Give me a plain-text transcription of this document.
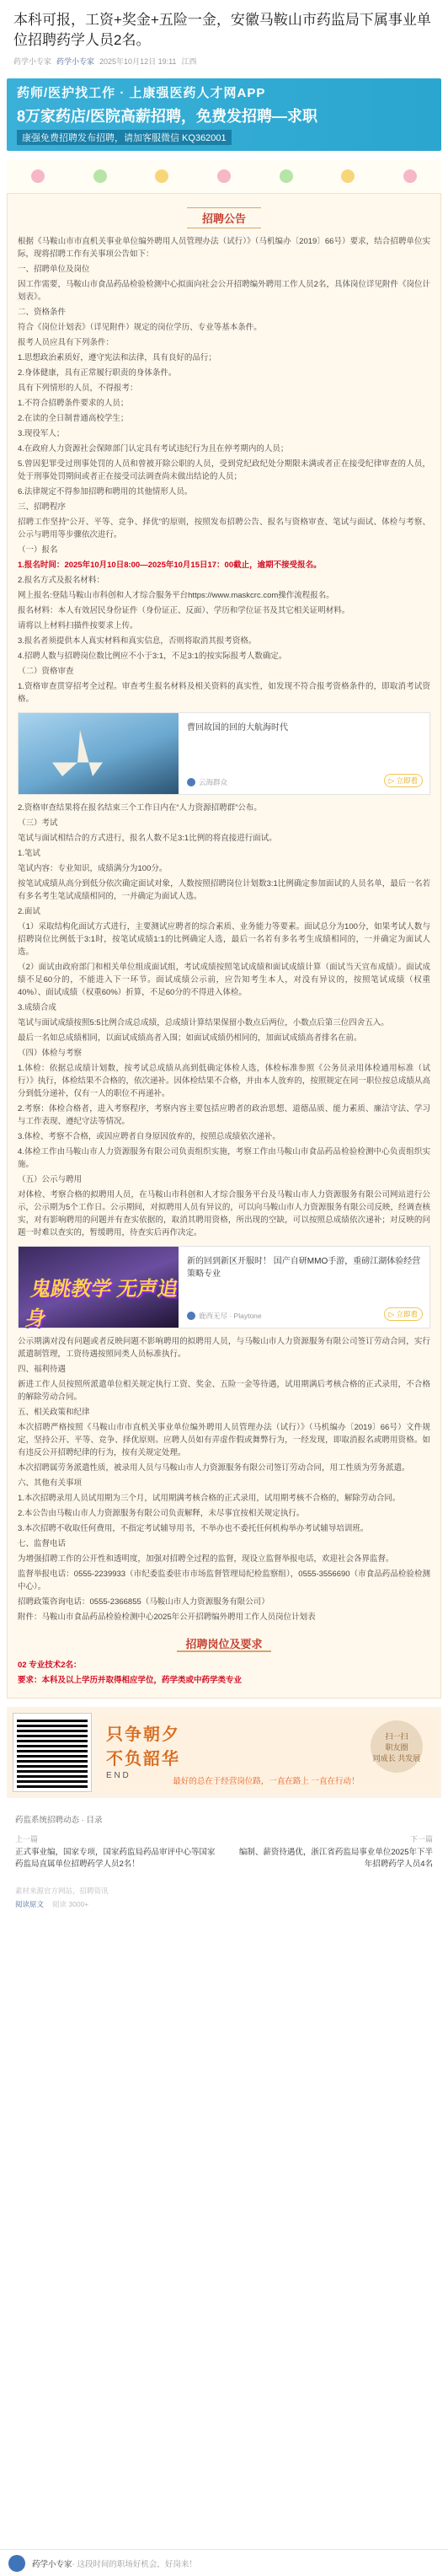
本科可报，工资+奖金+五险一金，安徽马鞍山市药监局下属事业单位招聘药学人员2名。
药学小专家 药学小专家 2025年10月12日 19:11 江西
药师/医护找工作 · 上康强医药人才网APP
8万家药店/医院高薪招聘，免费发招聘—求职
康强免费招聘发布招聘，请加客服微信 KQ362001
招聘公告

根据《马鞍山市市直机关事业单位编外聘用人员管理办法（试行）》（马机编办〔2019〕66号）要求，结合招聘单位实际，现将招聘工作有关事项公告如下：

一、招聘单位及岗位

因工作需要，马鞍山市食品药品检验检测中心拟面向社会公开招聘编外聘用工作人员2名，具体岗位详见附件《岗位计划表》。

二、资格条件

符合《岗位计划表》（详见附件）规定的岗位学历、专业等基本条件。

报考人员应具有下列条件：

1.思想政治素质好，遵守宪法和法律，具有良好的品行；

2.身体健康，具有正常履行职责的身体条件。

具有下列情形的人员，不得报考：

1.不符合招聘条件要求的人员；

2.在读的全日制普通高校学生；

3.现役军人；

4.在政府人力资源社会保障部门认定具有考试违纪行为且在停考期内的人员；

5.曾因犯罪受过刑事处罚的人员和曾被开除公职的人员，受到党纪政纪处分期限未满或者正在接受纪律审查的人员，处于刑事处罚期间或者正在接受司法调查尚未做出结论的人员；

6.法律规定不得参加招聘和聘用的其他情形人员。

三、招聘程序

招聘工作坚持“公开、平等、竞争、择优”的原则，按照发布招聘公告、报名与资格审查、笔试与面试、体检与考察、公示与聘用等步骤依次进行。

（一）报名

1.报名时间：2025年10月10日8:00—2025年10月15日17：00截止，逾期不接受报名。

2.报名方式及报名材料：

网上报名:登陆马鞍山市科创和人才综合服务平台https://www.maskcrc.com操作流程报名。

报名材料：本人有效居民身份证件（身份证正、反面）、学历和学位证书及其它相关证明材料。

请将以上材料扫描件按要求上传。

3.报名者须提供本人真实材料和真实信息，否则将取消其报考资格。

4.招聘人数与招聘岗位数比例应不小于3:1，不足3:1的按实际报考人数确定。

（二）资格审查

1.资格审查贯穿招考全过程。审查考生报名材料及相关资料的真实性，如发现不符合报考资格条件的，即取消考试资格。

曹回故国的回的大航海时代
云海群众	▷ 立即看

2.资格审查结果将在报名结束三个工作日内在“人力资源招聘群”公布。

（三）考试

笔试与面试相结合的方式进行，报名人数不足3:1比例的将直接进行面试。

1.笔试

笔试内容：专业知识，成绩满分为100分。

按笔试成绩从高分到低分依次确定面试对象，人数按照招聘岗位计划数3:1比例确定参加面试的人员名单，最后一名若有多名考生笔试成绩相同的，一并确定为面试人选。

2.面试

（1）采取结构化面试方式进行，主要测试应聘者的综合素质、业务能力等要素。面试总分为100分，如果考试人数与招聘岗位比例低于3:1时，按笔试成绩1:1的比例确定人选，最后一名若有多名考生成绩相同的，一并确定为面试人选。

（2）面试由政府部门和相关单位组成面试组，考试成绩按照笔试成绩和面试成绩计算（面试当天宣布成绩）。面试成绩不足60分的，不能进入下一环节。面试成绩公示前，应告知考生本人，对没有异议的，按照笔试成绩（权重40%）、面试成绩（权重60%）折算，不足60分的不得进入体检。

3.成绩合成

笔试与面试成绩按照5:5比例合成总成绩，总成绩计算结果保留小数点后两位，小数点后第三位四舍五入。

最后一名如总成绩相同，以面试成绩高者入围；如面试成绩仍相同的，加面试成绩高者排名在前。

（四）体检与考察

1.体检：依据总成绩计划数，按考试总成绩从高到低确定体检人选，体检标准参照《公务员录用体检通用标准（试行）》执行，体检结果不合格的，依次递补。因体检结果不合格，并由本人放弃的，按照规定在同一职位按总成绩从高分到低分递补，仅有一人的职位不再递补。

2.考察：体检合格者，进入考察程序，考察内容主要包括应聘者的政治思想、道德品质、能力素质、廉洁守法、学习与工作表现、遵纪守法等情况。

3.体检、考察不合格，或因应聘者自身原因放弃的，按照总成绩依次递补。

4.体检工作由马鞍山市人力资源服务有限公司负责组织实施，考察工作由马鞍山市食品药品检验检测中心负责组织实施。

（五）公示与聘用

对体检、考察合格的拟聘用人员，在马鞍山市科创和人才综合服务平台及马鞍山市人力资源服务有限公司网站进行公示，公示期为5个工作日。公示期间，对拟聘用人员有异议的，可以向马鞍山市人力资源服务有限公司反映，经调查核实，对有影响聘用的问题并有查实依据的，取消其聘用资格，所出现的空缺，可以按照总成绩依次递补；对反映的问题一时难以查实的，暂缓聘用，待查实后再作决定。

鬼跳教学 无声追身
新的回到新区开服时！ 国产自研MMO手游，重磅江湖体验经营策略专业
鹿西无尽 · Playtone	▷ 立即看

公示期满对没有问题或者反映问题不影响聘用的拟聘用人员，与马鞍山市人力资源服务有限公司签订劳动合同，实行派遣制管理，工资待遇按照同类人员标准执行。

四、福利待遇

新进工作人员按照所派遣单位相关规定执行工资、奖金、五险一金等待遇，试用期满后考核合格的正式录用，不合格的解除劳动合同。

五、相关政策和纪律

本次招聘严格按照《马鞍山市市直机关事业单位编外聘用人员管理办法（试行）》（马机编办〔2019〕66号）文件规定，坚持公开、平等、竞争、择优原则。应聘人员如有弄虚作假或舞弊行为，一经发现，即取消报名或聘用资格。如有违反公开招聘纪律的行为，按有关规定处理。

本次招聘属劳务派遣性质，被录用人员与马鞍山市人力资源服务有限公司签订劳动合同，用工性质为劳务派遣。

六、其他有关事项

1.本次招聘录用人员试用期为三个月，试用期满考核合格的正式录用，试用期考核不合格的，解除劳动合同。

2.本公告由马鞍山市人力资源服务有限公司负责解释，未尽事宜按相关规定执行。

3.本次招聘不收取任何费用，不指定考试辅导用书，不举办也不委托任何机构举办考试辅导培训班。

七、监督电话

为增强招聘工作的公开性和透明度，加强对招聘全过程的监督，现设立监督举报电话，欢迎社会各界监督。

监督举报电话：0555-2239933（市纪委监委驻市市场监督管理局纪检监察组），0555-3556690（市食品药品检验检测中心）。

招聘政策咨询电话：0555-2366855（马鞍山市人力资源服务有限公司）

附件：马鞍山市食品药品检验检测中心2025年公开招聘编外聘用工作人员岗位计划表

招聘岗位及要求

02 专业技术2名：

要求：本科及以上学历并取得相应学位，药学类或中药学类专业

只争朝夕
不负韶华
E N D
扫一扫
职友圈
同成长 共发展
最好的总在于经营岗位路，一直在路上 一直在行动！
药监系统招聘动态 · 目录
上一篇
正式事业编，国家专项，国家药监局药品审评中心等国家药监局直属单位招聘药学人员2名！
下一篇
编制、薪资待遇优，浙江省药监局事业单位2025年下半年招聘药学人员4名
素材来源官方网站，招聘资讯
阅读原文 阅读 3000+
药学小专家· 这段时间的职场好机会，好岗来！
